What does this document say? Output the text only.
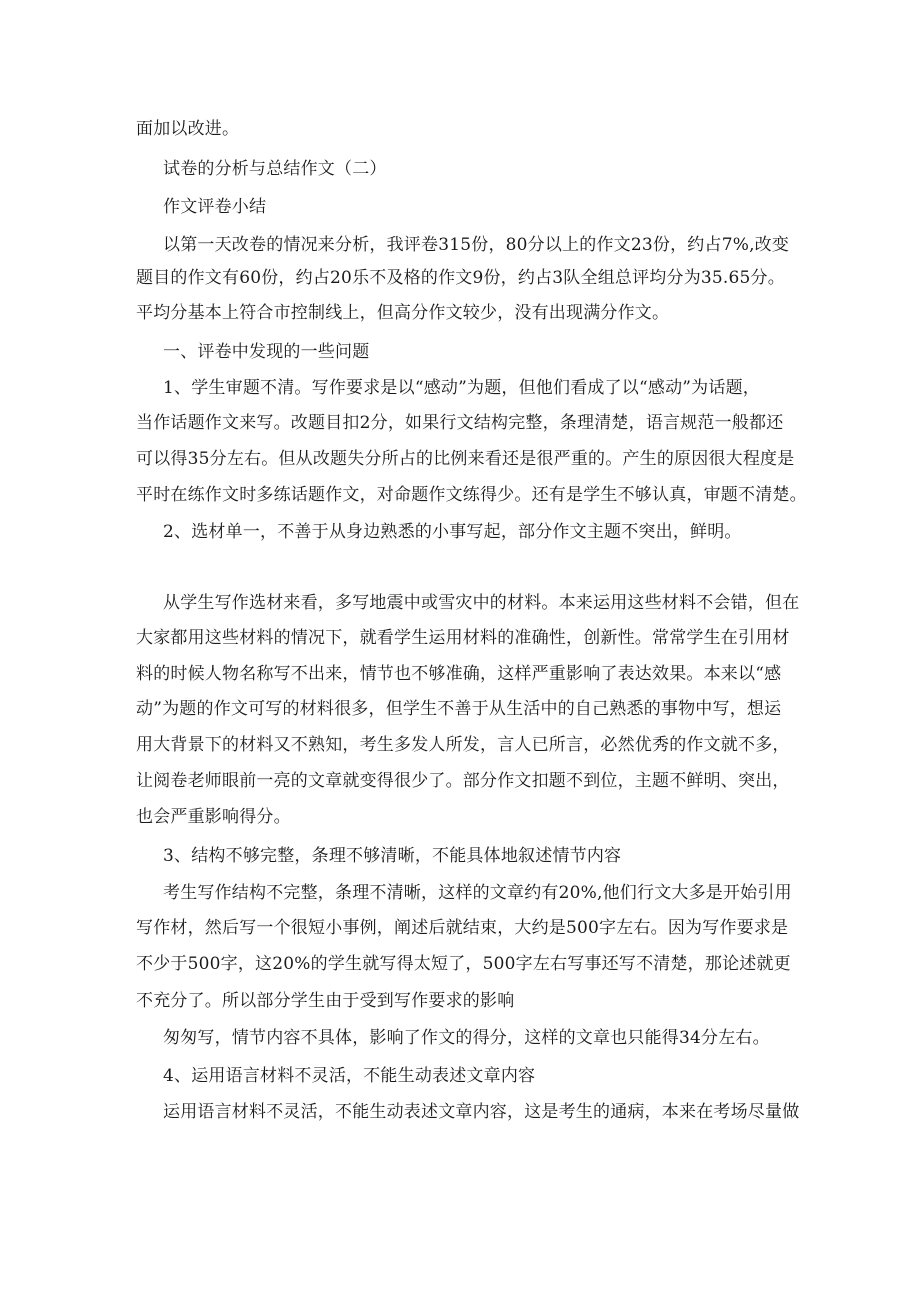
面加以改进。
试卷的分析与总结作文（二）
作文评卷小结
以第一天改卷的情况来分析，我评卷315份，80分以上的作文23份，约占7%,改变
题目的作文有60份，约占20乐不及格的作文9份，约占3队全组总评均分为35.65分。
平均分基本上符合市控制线上，但高分作文较少，没有出现满分作文。
一、评卷中发现的一些问题
1、学生审题不清。写作要求是以“感动”为题，但他们看成了以“感动”为话题，
当作话题作文来写。改题目扣2分，如果行文结构完整，条理清楚，语言规范一般都还
可以得35分左右。但从改题失分所占的比例来看还是很严重的。产生的原因很大程度是
平时在练作文时多练话题作文，对命题作文练得少。还有是学生不够认真，审题不清楚。
2、选材单一，不善于从身边熟悉的小事写起，部分作文主题不突出，鲜明。
从学生写作选材来看，多写地震中或雪灾中的材料。本来运用这些材料不会错，但在
大家都用这些材料的情况下，就看学生运用材料的准确性，创新性。常常学生在引用材
料的时候人物名称写不出来，情节也不够准确，这样严重影响了表达效果。本来以“感
动”为题的作文可写的材料很多，但学生不善于从生活中的自己熟悉的事物中写，想运
用大背景下的材料又不熟知，考生多发人所发，言人已所言，必然优秀的作文就不多，
让阅卷老师眼前一亮的文章就变得很少了。部分作文扣题不到位，主题不鲜明、突出，
也会严重影响得分。
3、结构不够完整，条理不够清晰，不能具体地叙述情节内容
考生写作结构不完整，条理不清晰，这样的文章约有20%,他们行文大多是开始引用
写作材，然后写一个很短小事例，阐述后就结束，大约是500字左右。因为写作要求是
不少于500字，这20%的学生就写得太短了，500字左右写事还写不清楚，那论述就更
不充分了。所以部分学生由于受到写作要求的影响
匆匆写，情节内容不具体，影响了作文的得分，这样的文章也只能得34分左右。
4、运用语言材料不灵活，不能生动表述文章内容
运用语言材料不灵活，不能生动表述文章内容，这是考生的通病，本来在考场尽量做
